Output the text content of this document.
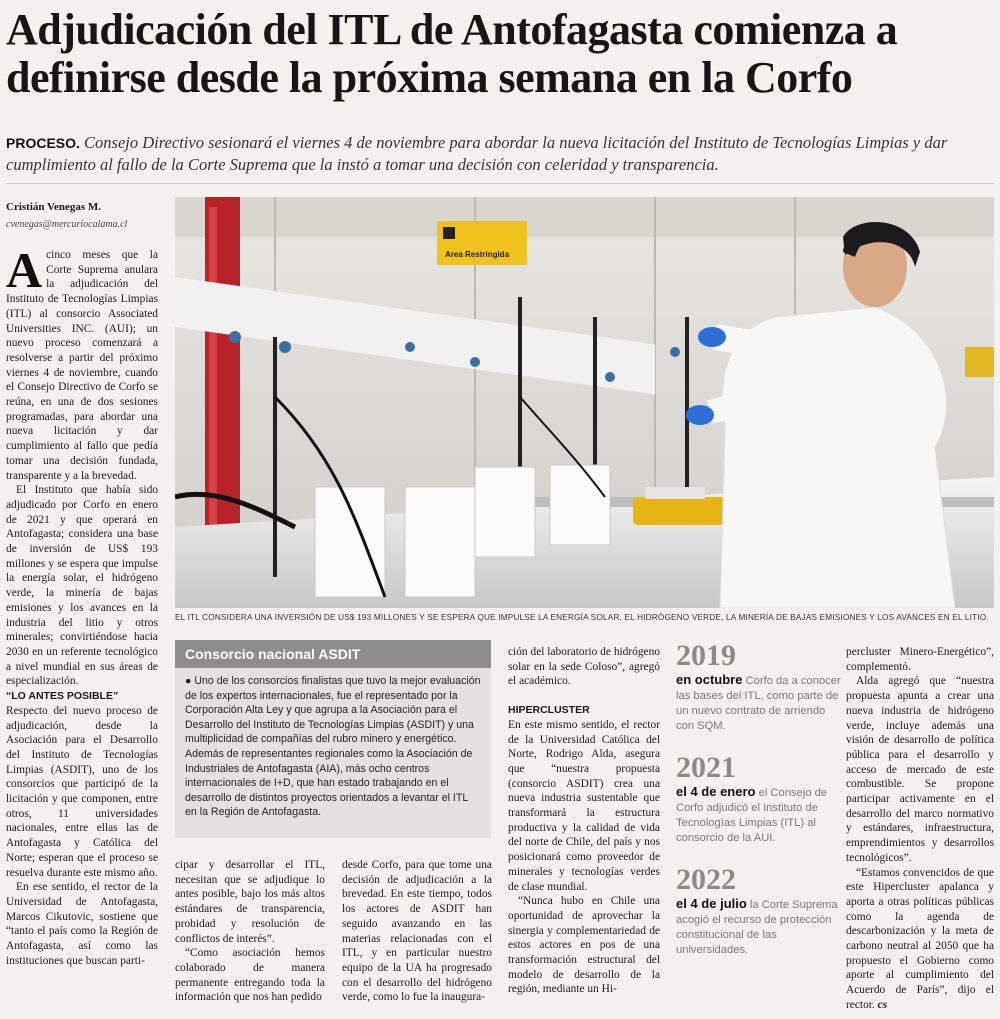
Adjudicación del ITL de Antofagasta comienza a definirse desde la próxima semana en la Corfo
PROCESO. Consejo Directivo sesionará el viernes 4 de noviembre para abordar la nueva licitación del Instituto de Tecnologías Limpias y dar cumplimiento al fallo de la Corte Suprema que la instó a tomar una decisión con celeridad y transparencia.
Cristián Venegas M.
cvenegas@mercuriocalama.cl
Area Restringida
EL ITL CONSIDERA UNA INVERSIÓN DE US$ 193 MILLONES Y SE ESPERA QUE IMPULSE LA ENERGÍA SOLAR, EL HIDRÓGENO VERDE, LA MINERÍA DE BAJAS EMISIONES Y LOS AVANCES EN EL LITIO.

Acinco meses que la Corte Suprema anulara la adjudicación del Instituto de Tecnologías Limpias (ITL) al consorcio Associated Universities INC. (AUI); un nuevo proceso comenzará a resolverse a partir del próximo viernes 4 de noviembre, cuando el Consejo Directivo de Corfo se reúna, en una de dos sesiones programadas, para abordar una nueva licitación y dar cumplimiento al fallo que pedía tomar una decisión fundada, transparente y a la brevedad.

El Instituto que había sido adjudicado por Corfo en enero de 2021 y que operará en Antofagasta; considera una base de inversión de US$ 193 millones y se espera que impulse la energía solar, el hidrógeno verde, la minería de bajas emisiones y los avances en la industria del litio y otros minerales; convirtiéndose hacia 2030 en un referente tecnológico a nivel mundial en sus áreas de especialización.

“LO ANTES POSIBLE”

Respecto del nuevo proceso de adjudicación, desde la Asociación para el Desarrollo del Instituto de Tecnologías Limpias (ASDIT), uno de los consorcios que participó de la licitación y que componen, entre otros, 11 universidades nacionales, entre ellas las de Antofagasta y Católica del Norte; esperan que el proceso se resuelva durante este mismo año.

En ese sentido, el rector de la Universidad de Antofagasta, Marcos Cikutovic, sostiene que “tanto el país como la Región de Antofagasta, así como las instituciones que buscan parti-

Consorcio nacional ASDIT
● Uno de los consorcios finalistas que tuvo la mejor evaluación de los expertos internacionales, fue el representado por la Corporación Alta Ley y que agrupa a la Asociación para el Desarrollo del Instituto de Tecnologías Limpias (ASDIT) y una multiplicidad de compañías del rubro minero y energético. Además de representantes regionales como la Asociación de Industriales de Antofagasta (AIA), más ocho centros internacionales de I+D, que han estado trabajando en el desarrollo de distintos proyectos orientados a levantar el ITL en la Región de Antofagasta.

cipar y desarrollar el ITL, necesitan que se adjudique lo antes posible, bajo los más altos estándares de transparencia, probidad y resolución de conflictos de interés”.

“Como asociación hemos colaborado de manera permanente entregando toda la información que nos han pedido

desde Corfo, para que tome una decisión de adjudicación a la brevedad. En este tiempo, todos los actores de ASDIT han seguido avanzando en las materias relacionadas con el ITL, y en particular nuestro equipo de la UA ha progresado con el desarrollo del hidrógeno verde, como lo fue la inaugura-

ción del laboratorio de hidrógeno solar en la sede Coloso”, agregó el académico.

HIPERCLUSTER

En este mismo sentido, el rector de la Universidad Católica del Norte, Rodrigo Alda, asegura que “nuestra propuesta (consorcio ASDIT) crea una nueva industria sustentable que transformará la estructura productiva y la calidad de vida del norte de Chile, del país y nos posicionará como proveedor de minerales y tecnologías verdes de clase mundial.

“Nunca hubo en Chile una oportunidad de aprovechar la sinergia y complementariedad de estos actores en pos de una transformación estructural del modelo de desarrollo de la región, mediante un Hi-

2019
en octubre Corfo da a conocer las bases del ITL, como parte de un nuevo contrato de arriendo con SQM.
2021
el 4 de enero el Consejo de Corfo adjudicó el Instituto de Tecnologías Limpias (ITL) al consorcio de la AUI.
2022
el 4 de julio la Corte Suprema acogió el recurso de protección constitucional de las universidades.

percluster Minero-Energético”, complementó.

Alda agregó que “nuestra propuesta apunta a crear una nueva industria de hidrógeno verde, incluye además una visión de desarrollo de política pública para el desarrollo y acceso de mercado de este combustible. Se propone participar activamente en el desarrollo del marco normativo y estándares, infraestructura, emprendimientos y desarrollos tecnológicos”.

“Estamos convencidos de que este Hipercluster apalanca y aporta a otras políticas públicas como la agenda de descarbonización y la meta de carbono neutral al 2050 que ha propuesto el Gobierno como aporte al cumplimiento del Acuerdo de París”, dijo el rector. cs
